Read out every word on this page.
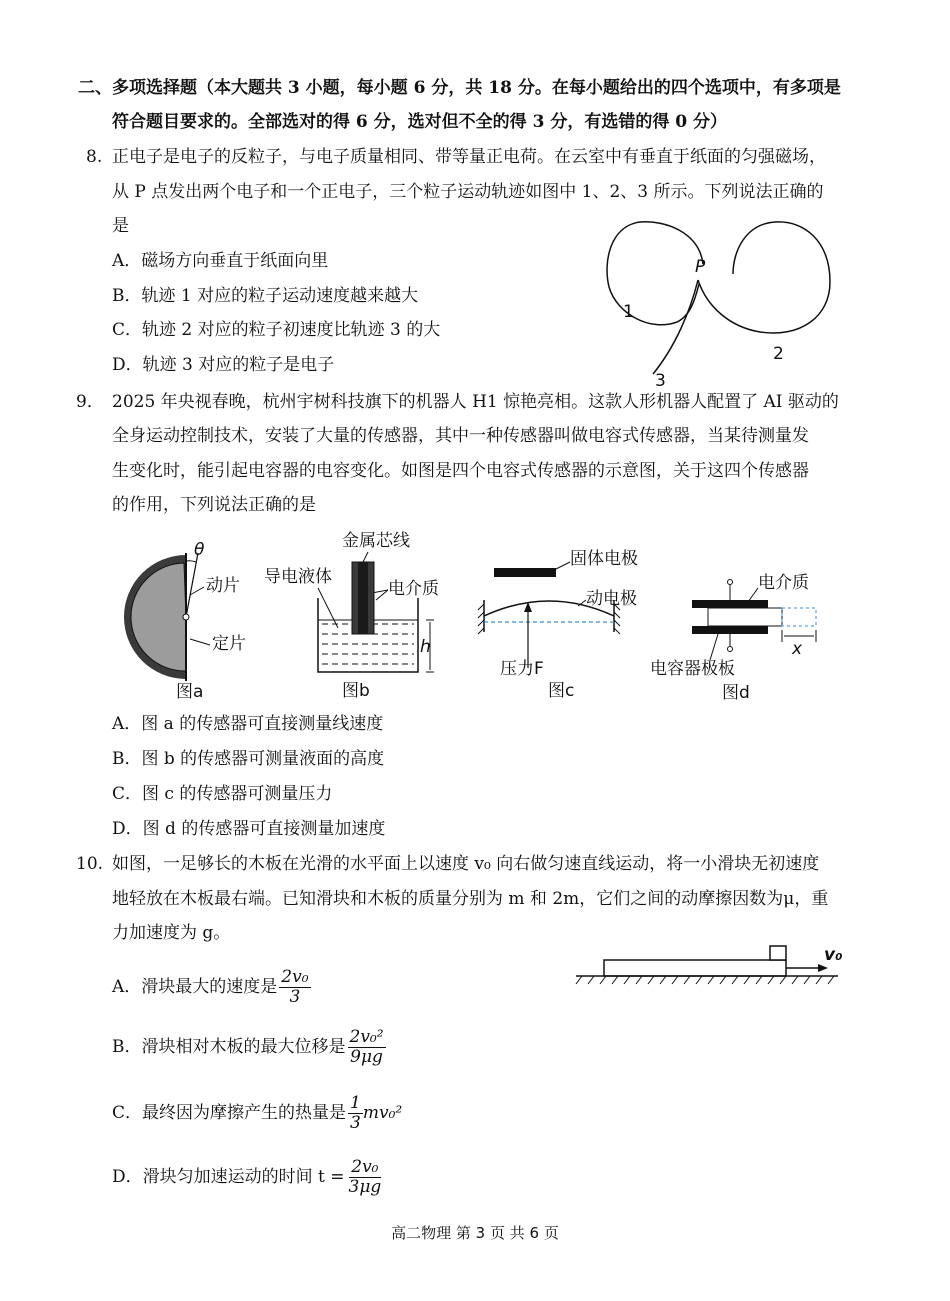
二、多项选择题（本大题共 3 小题，每小题 6 分，共 18 分。在每小题给出的四个选项中，有多项是
符合题目要求的。全部选对的得 6 分，选对但不全的得 3 分，有选错的得 0 分）
8. 正电子是电子的反粒子，与电子质量相同、带等量正电荷。在云室中有垂直于纸面的匀强磁场，
从 P 点发出两个电子和一个正电子，三个粒子运动轨迹如图中 1、2、3 所示。下列说法正确的
是
A．磁场方向垂直于纸面向里
B．轨迹 1 对应的粒子运动速度越来越大
C．轨迹 2 对应的粒子初速度比轨迹 3 的大
D．轨迹 3 对应的粒子是电子
P
1
2
3
9． 2025 年央视春晚，杭州宇树科技旗下的机器人 H1 惊艳亮相。这款人形机器人配置了 AI 驱动的
全身运动控制技术，安装了大量的传感器，其中一种传感器叫做电容式传感器，当某待测量发
生变化时，能引起电容器的电容变化。如图是四个电容式传感器的示意图，关于这四个传感器
的作用，下列说法正确的是
θ
动片
定片
图a
金属芯线
导电液体
电介质
h
图b
固体电极
动电极
压力F
图c
电介质
x
电容器极板
图d
A．图 a 的传感器可直接测量线速度
B．图 b 的传感器可测量液面的高度
C．图 c 的传感器可测量压力
D．图 d 的传感器可直接测量加速度
10. 如图，一足够长的木板在光滑的水平面上以速度 v₀ 向右做匀速直线运动，将一小滑块无初速度
地轻放在木板最右端。已知滑块和木板的质量分别为 m 和 2m，它们之间的动摩擦因数为μ，重
力加速度为 g。
v₀
A．滑块最大的速度是 $\frac{\text{2v₀}}{3}$
B．滑块相对木板的最大位移是 $\frac{\text{2v₀²}}{9\mu g}$
C．最终因为摩擦产生的热量是 $\frac{1}{3} mv_0^2$
D．滑块匀加速运动的时间 $t = \frac{\text{2v₀}}{3\mu g}$
高二物理 第 3 页 共 6 页
